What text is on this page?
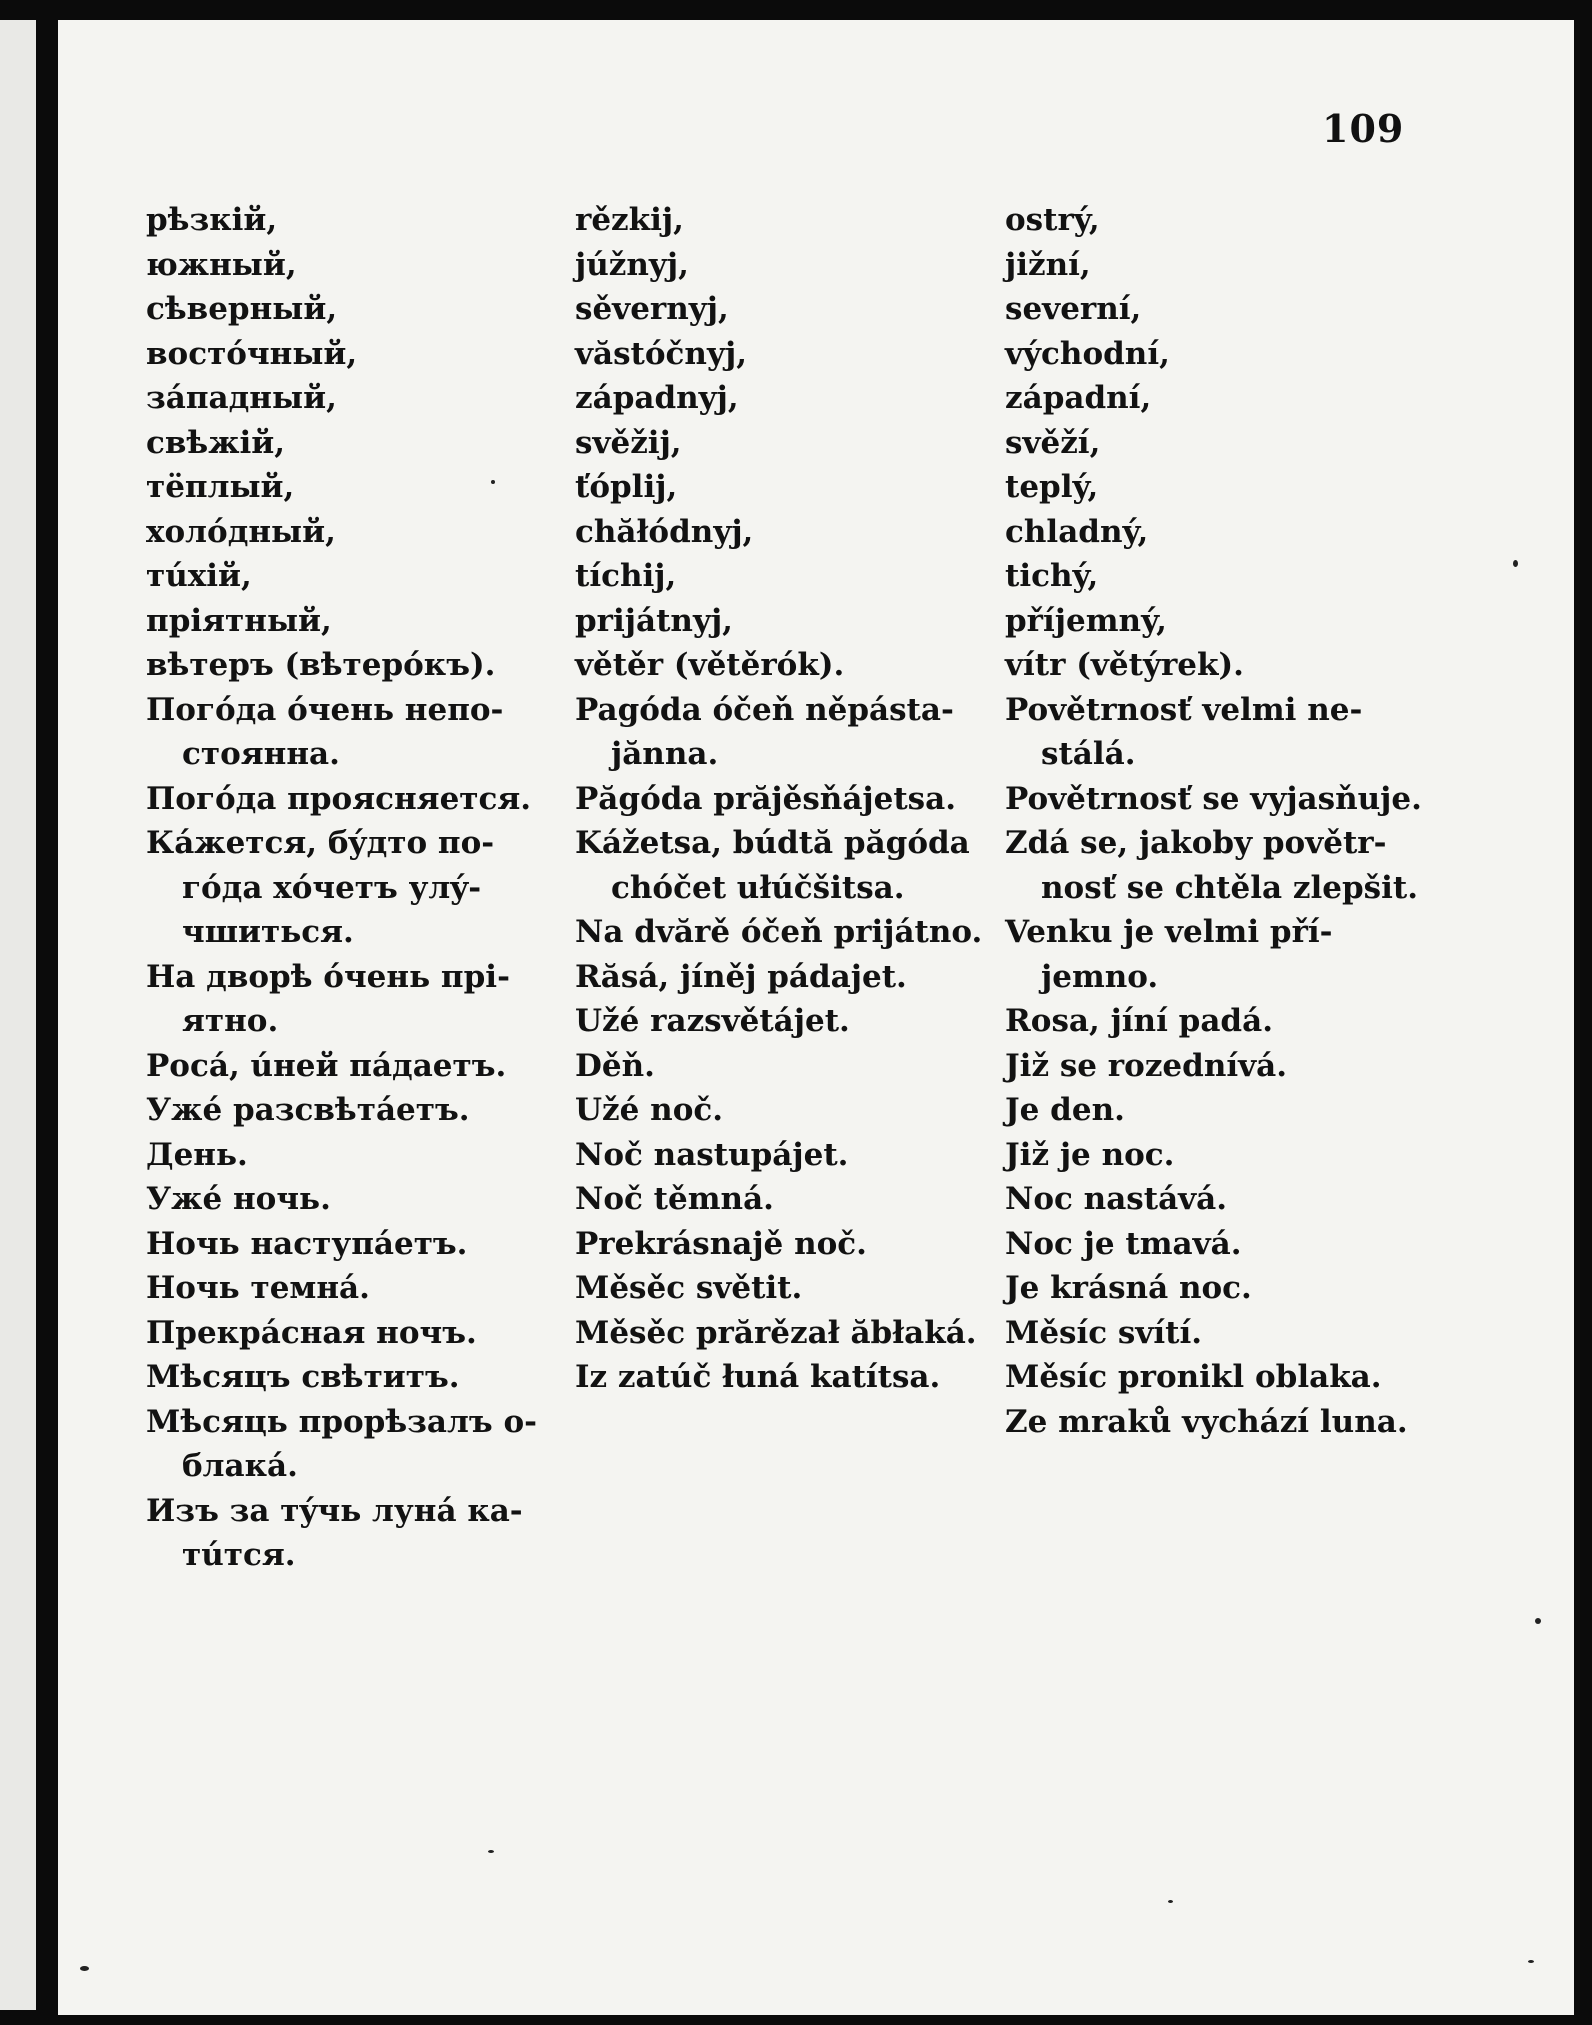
109
рѣзкій,
южный,
сѣверный,
востóчный,
зáпадный,
свѣжій,
тёплый,
холóдный,
тúхій,
пріятный,
вѣтеръ (вѣтерóкъ).
Погóда óчень непо-
стоянна.
Погóда проясняется.
Кáжется, бýдто по-
гóда хóчетъ улý-
чшиться.
На дворѣ óчень прі-
ятно.
Росá, úней пáдаетъ.
Ужé разсвѣтáетъ.
День.
Ужé ночь.
Ночь наступáетъ.
Ночь темнá.
Прекрáсная ночъ.
Мѣсяцъ свѣтитъ.
Мѣсяць прорѣзалъ о-
блакá.
Изъ за тýчь лунá ка-
тúтся.
rězkij,
júžnyj,
sěvernyj,
văstóčnyj,
západnyj,
svěžij,
ťóplij,
chăłódnyj,
tíchij,
prijátnyj,
větěr (větěrók).
Pagóda óčeň něpásta-
jănna.
Păgóda prăjěsňájetsa.
Kážetsa, búdtă păgóda
chóčet ułúčšitsa.

Na dvărě óčeň prijátno.

Răsá, jíněj pádajet.
Užé razsvětájet.
Děň.
Užé noč.
Noč nastupájet.
Noč těmná.
Prekrásnajě noč.
Měsěc světit.
Měsěc prărězał ăbłaká.

Iz zatúč łuná katítsa.

ostrý,
jižní,
severní,
východní,
západní,
svěží,
teplý,
chladný,
tichý,
příjemný,
vítr (větýrek).
Povětrnosť velmi ne-
stálá.
Povětrnosť se vyjasňuje.
Zdá se, jakoby povětr-
nosť se chtěla zlepšit.

Venku je velmi pří-
jemno.
Rosa, jíní padá.
Již se rozednívá.
Je den.
Již je noc.
Noc nastává.
Noc je tmavá.
Je krásná noc.
Měsíc svítí.
Měsíc pronikl oblaka.

Ze mraků vychází luna.
